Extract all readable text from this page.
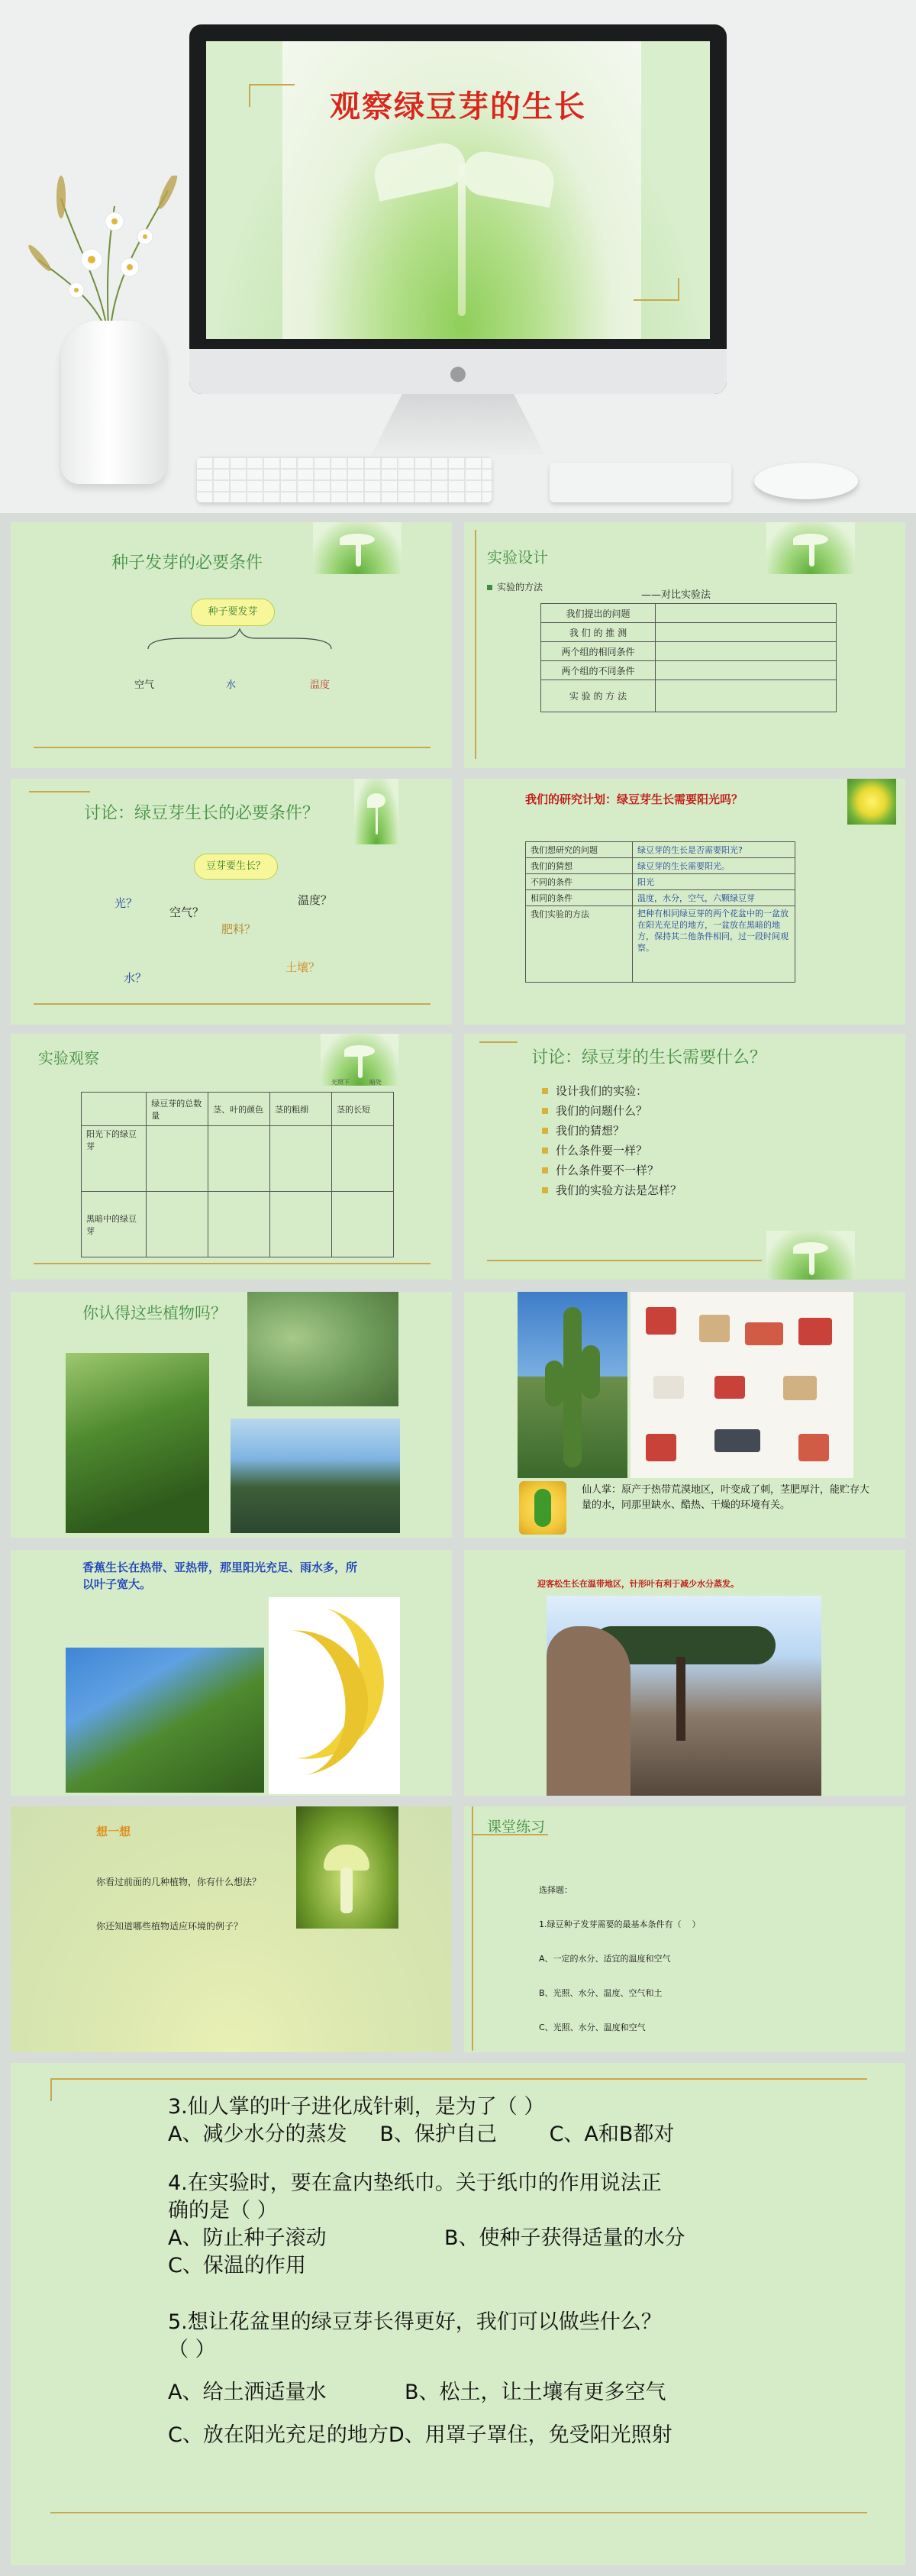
观察绿豆芽的生长
●
种子发芽的必要条件
种子要发芽
空气	水	温度
实验设计
实验的方法
——对比实验法
我们提出的问题	
我 们 的 推 测	
两个组的相同条件	
两个组的不同条件	
实 验 的 方 法	
讨论：绿豆芽生长的必要条件？
豆芽要生长？
光？
空气？
温度？
肥料？
土壤？
水？
我们的研究计划：绿豆芽生长需要阳光吗？
我们想研究的问题	绿豆芽的生长是否需要阳光?
我们的猜想	绿豆芽的生长需要阳光。
不同的条件	阳光
相同的条件	温度，水分，空气，六颗绿豆芽
我们实验的方法	把种有相同绿豆芽的两个花盆中的一盆放在阳光充足的地方，一盆放在黑暗的地方，保持其二他条件相同，过一段时间观察。
实验观察
光照下	暗处
	绿豆芽的总数量	茎、叶的颜色	茎的粗细	茎的长短
阳光下的绿豆芽				
黑暗中的绿豆芽				
讨论：绿豆芽的生长需要什么？
设计我们的实验：
我们的问题什么？
我们的猜想？
什么条件要一样？
什么条件要不一样？
我们的实验方法是怎样？
你认得这些植物吗？
仙人掌：原产于热带荒漠地区，叶变成了刺，茎肥厚汁，能贮存大量的水，同那里缺水、酷热、干燥的环境有关。
香蕉生长在热带、亚热带，那里阳光充足、雨水多，所以叶子宽大。	迎客松生长在温带地区，针形叶有利于减少水分蒸发。
想一想
你看过前面的几种植物，你有什么想法？
你还知道哪些植物适应环境的例子？
课堂练习

选择题：

1.绿豆种子发芽需要的最基本条件有（    ）

A、一定的水分、适宜的温度和空气

B、光照、水分、温度、空气和土

C、光照、水分、温度和空气

3.仙人掌的叶子进化成针刺，是为了（ ）
A、减少水分的蒸发     B、保护自己        C、A和B都对
4.在实验时，要在盒内垫纸巾。关于纸巾的作用说法正
确的是（ ）
A、防止种子滚动	B、使种子获得适量的水分
C、保温的作用
5.想让花盆里的绿豆芽长得更好，我们可以做些什么？
（ ）
A、给土洒适量水	B、松土，让土壤有更多空气
C、放在阳光充足的地方D、用罩子罩住，免受阳光照射
